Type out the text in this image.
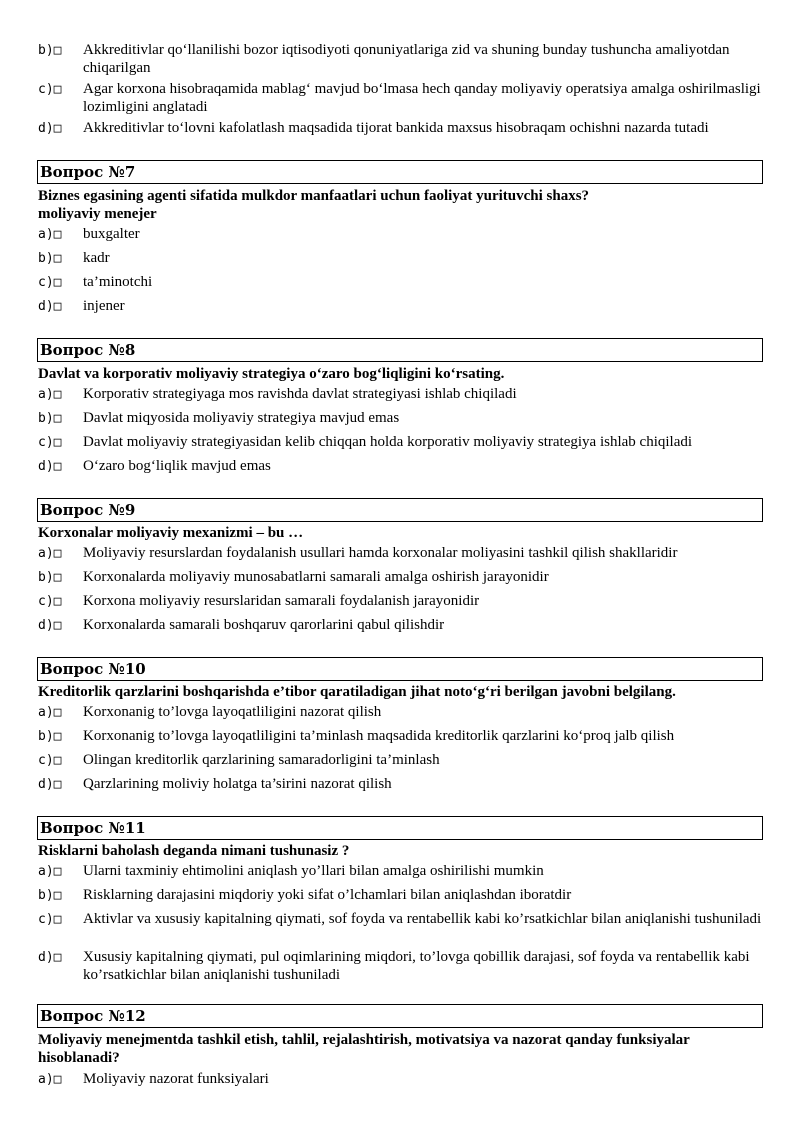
b)□	Akkreditivlar qo‘llanilishi bozor iqtisodiyoti qonuniyatlariga zid va shuning bunday tushuncha amaliyotdan chiqarilgan
c)□	Agar korxona hisobraqamida mablag‘ mavjud bo‘lmasa hech qanday moliyaviy operatsiya amalga oshirilmasligi lozimligini anglatadi
d)□	Akkreditivlar to‘lovni kafolatlash maqsadida tijorat bankida maxsus hisobraqam ochishni nazarda tutadi
Вопрос №7
Biznes egasining agenti sifatida mulkdor manfaatlari uchun faoliyat yurituvchi shaxs?
moliyaviy menejer
a)□	buxgalter
b)□	kadr
c)□	ta’minotchi
d)□	injener
Вопрос №8
Davlat va korporativ moliyaviy strategiya o‘zaro bog‘liqligini ko‘rsating.
a)□	Korporativ strategiyaga mos ravishda davlat strategiyasi ishlab chiqiladi
b)□	Davlat miqyosida moliyaviy strategiya mavjud emas
c)□	Davlat moliyaviy strategiyasidan kelib chiqqan holda korporativ moliyaviy strategiya ishlab chiqiladi
d)□	O‘zaro bog‘liqlik mavjud emas
Вопрос №9
Korxonalar moliyaviy mexanizmi – bu …
a)□	Moliyaviy resurslardan foydalanish usullari hamda korxonalar moliyasini tashkil qilish shakllaridir
b)□	Korxonalarda moliyaviy munosabatlarni samarali amalga oshirish jarayonidir
c)□	Korxona moliyaviy resurslaridan samarali foydalanish jarayonidir
d)□	Korxonalarda samarali boshqaruv qarorlarini qabul qilishdir
Вопрос №10
Kreditorlik qarzlarini boshqarishda e’tibor qaratiladigan jihat noto‘g‘ri berilgan javobni belgilang.
a)□	Korxonanig to’lovga layoqatliligini nazorat qilish
b)□	Korxonanig to’lovga layoqatliligini ta’minlash maqsadida kreditorlik qarzlarini ko‘proq jalb qilish
c)□	Olingan kreditorlik qarzlarining samaradorligini ta’minlash
d)□	Qarzlarining moliviy holatga ta’sirini nazorat qilish
Вопрос №11
Risklarni baholash deganda nimani tushunasiz ?
a)□	Ularni taxminiy ehtimolini aniqlash yo’llari bilan amalga oshirilishi mumkin
b)□	Risklarning darajasini miqdoriy yoki sifat o’lchamlari bilan aniqlashdan iboratdir
c)□	Aktivlar va xususiy kapitalning qiymati, sof foyda va rentabellik kabi ko’rsatkichlar bilan aniqlanishi tushuniladi
d)□	Xususiy kapitalning qiymati, pul oqimlarining miqdori, to’lovga qobillik darajasi, sof foyda va rentabellik kabi ko’rsatkichlar bilan aniqlanishi tushuniladi
Вопрос №12
Moliyaviy menejmentda tashkil etish, tahlil, rejalashtirish, motivatsiya va nazorat qanday funksiyalar hisoblanadi?
a)□	Moliyaviy nazorat funksiyalari
